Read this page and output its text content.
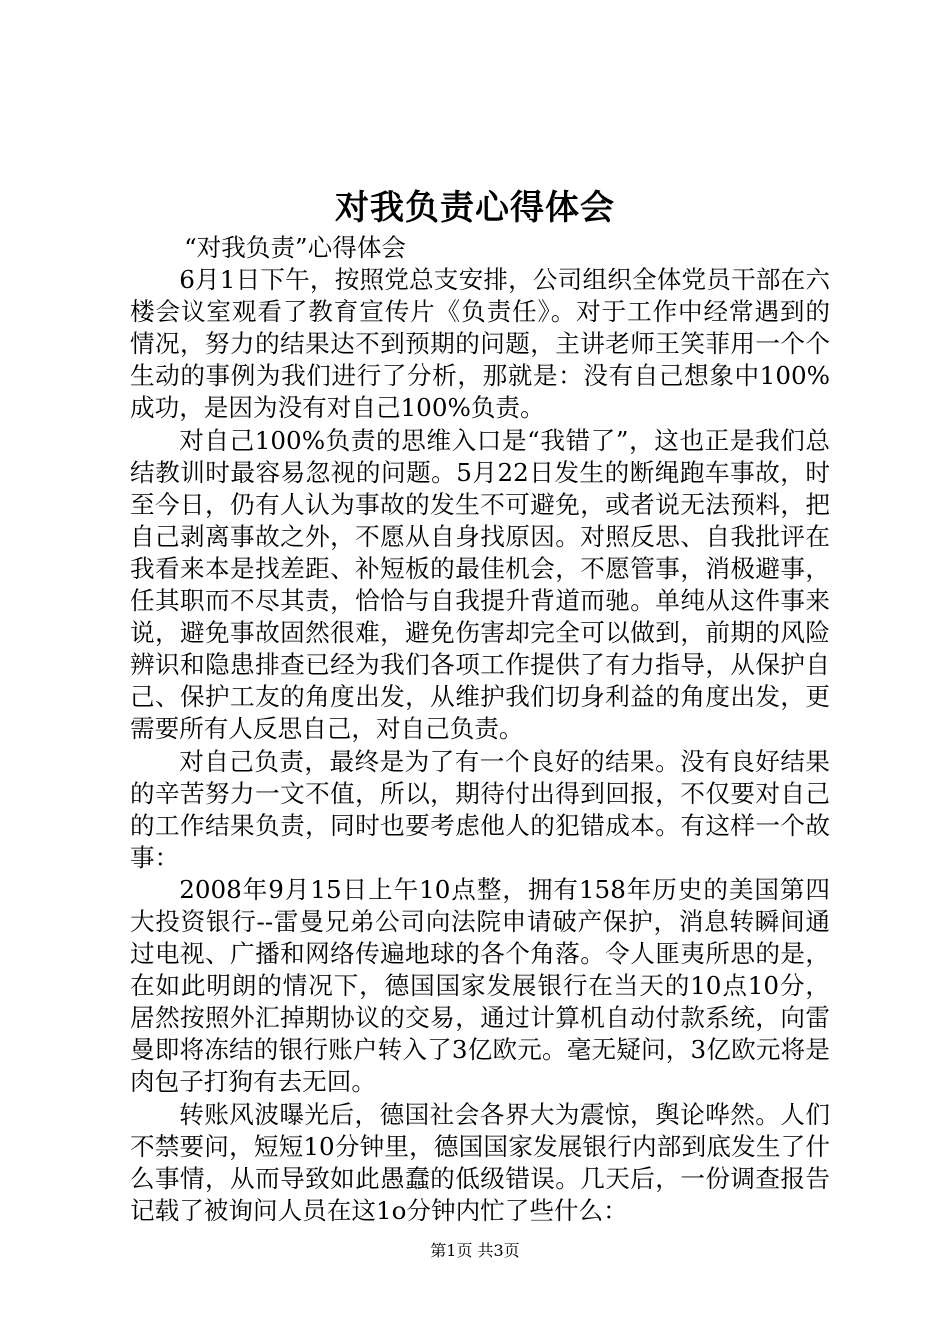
对我负责心得体会

“对我负责”心得体会

6月1日下午，按照党总支安排，公司组织全体党员干部在六楼会议室观看了教育宣传片《负责任》。对于工作中经常遇到的情况，努力的结果达不到预期的问题，主讲老师王笑菲用一个个生动的事例为我们进行了分析，那就是：没有自己想象中100%成功，是因为没有对自己100%负责。

对自己100%负责的思维入口是“我错了”，这也正是我们总结教训时最容易忽视的问题。5月22日发生的断绳跑车事故，时至今日，仍有人认为事故的发生不可避免，或者说无法预料，把自己剥离事故之外，不愿从自身找原因。对照反思、自我批评在我看来本是找差距、补短板的最佳机会，不愿管事，消极避事，任其职而不尽其责，恰恰与自我提升背道而驰。单纯从这件事来说，避免事故固然很难，避免伤害却完全可以做到，前期的风险辨识和隐患排查已经为我们各项工作提供了有力指导，从保护自己、保护工友的角度出发，从维护我们切身利益的角度出发，更需要所有人反思自己，对自己负责。

对自己负责，最终是为了有一个良好的结果。没有良好结果的辛苦努力一文不值，所以，期待付出得到回报，不仅要对自己的工作结果负责，同时也要考虑他人的犯错成本。有这样一个故事：

2008年9月15日上午10点整，拥有158年历史的美国第四大投资银行--雷曼兄弟公司向法院申请破产保护，消息转瞬间通过电视、广播和网络传遍地球的各个角落。令人匪夷所思的是，在如此明朗的情况下，德国国家发展银行在当天的10点10分，居然按照外汇掉期协议的交易，通过计算机自动付款系统，向雷曼即将冻结的银行账户转入了3亿欧元。毫无疑问，3亿欧元将是肉包子打狗有去无回。

转账风波曝光后，德国社会各界大为震惊，舆论哗然。人们不禁要问，短短10分钟里，德国国家发展银行内部到底发生了什么事情，从而导致如此愚蠢的低级错误。几天后，一份调查报告记载了被询问人员在这1o分钟内忙了些什么：

第1页 共3页
